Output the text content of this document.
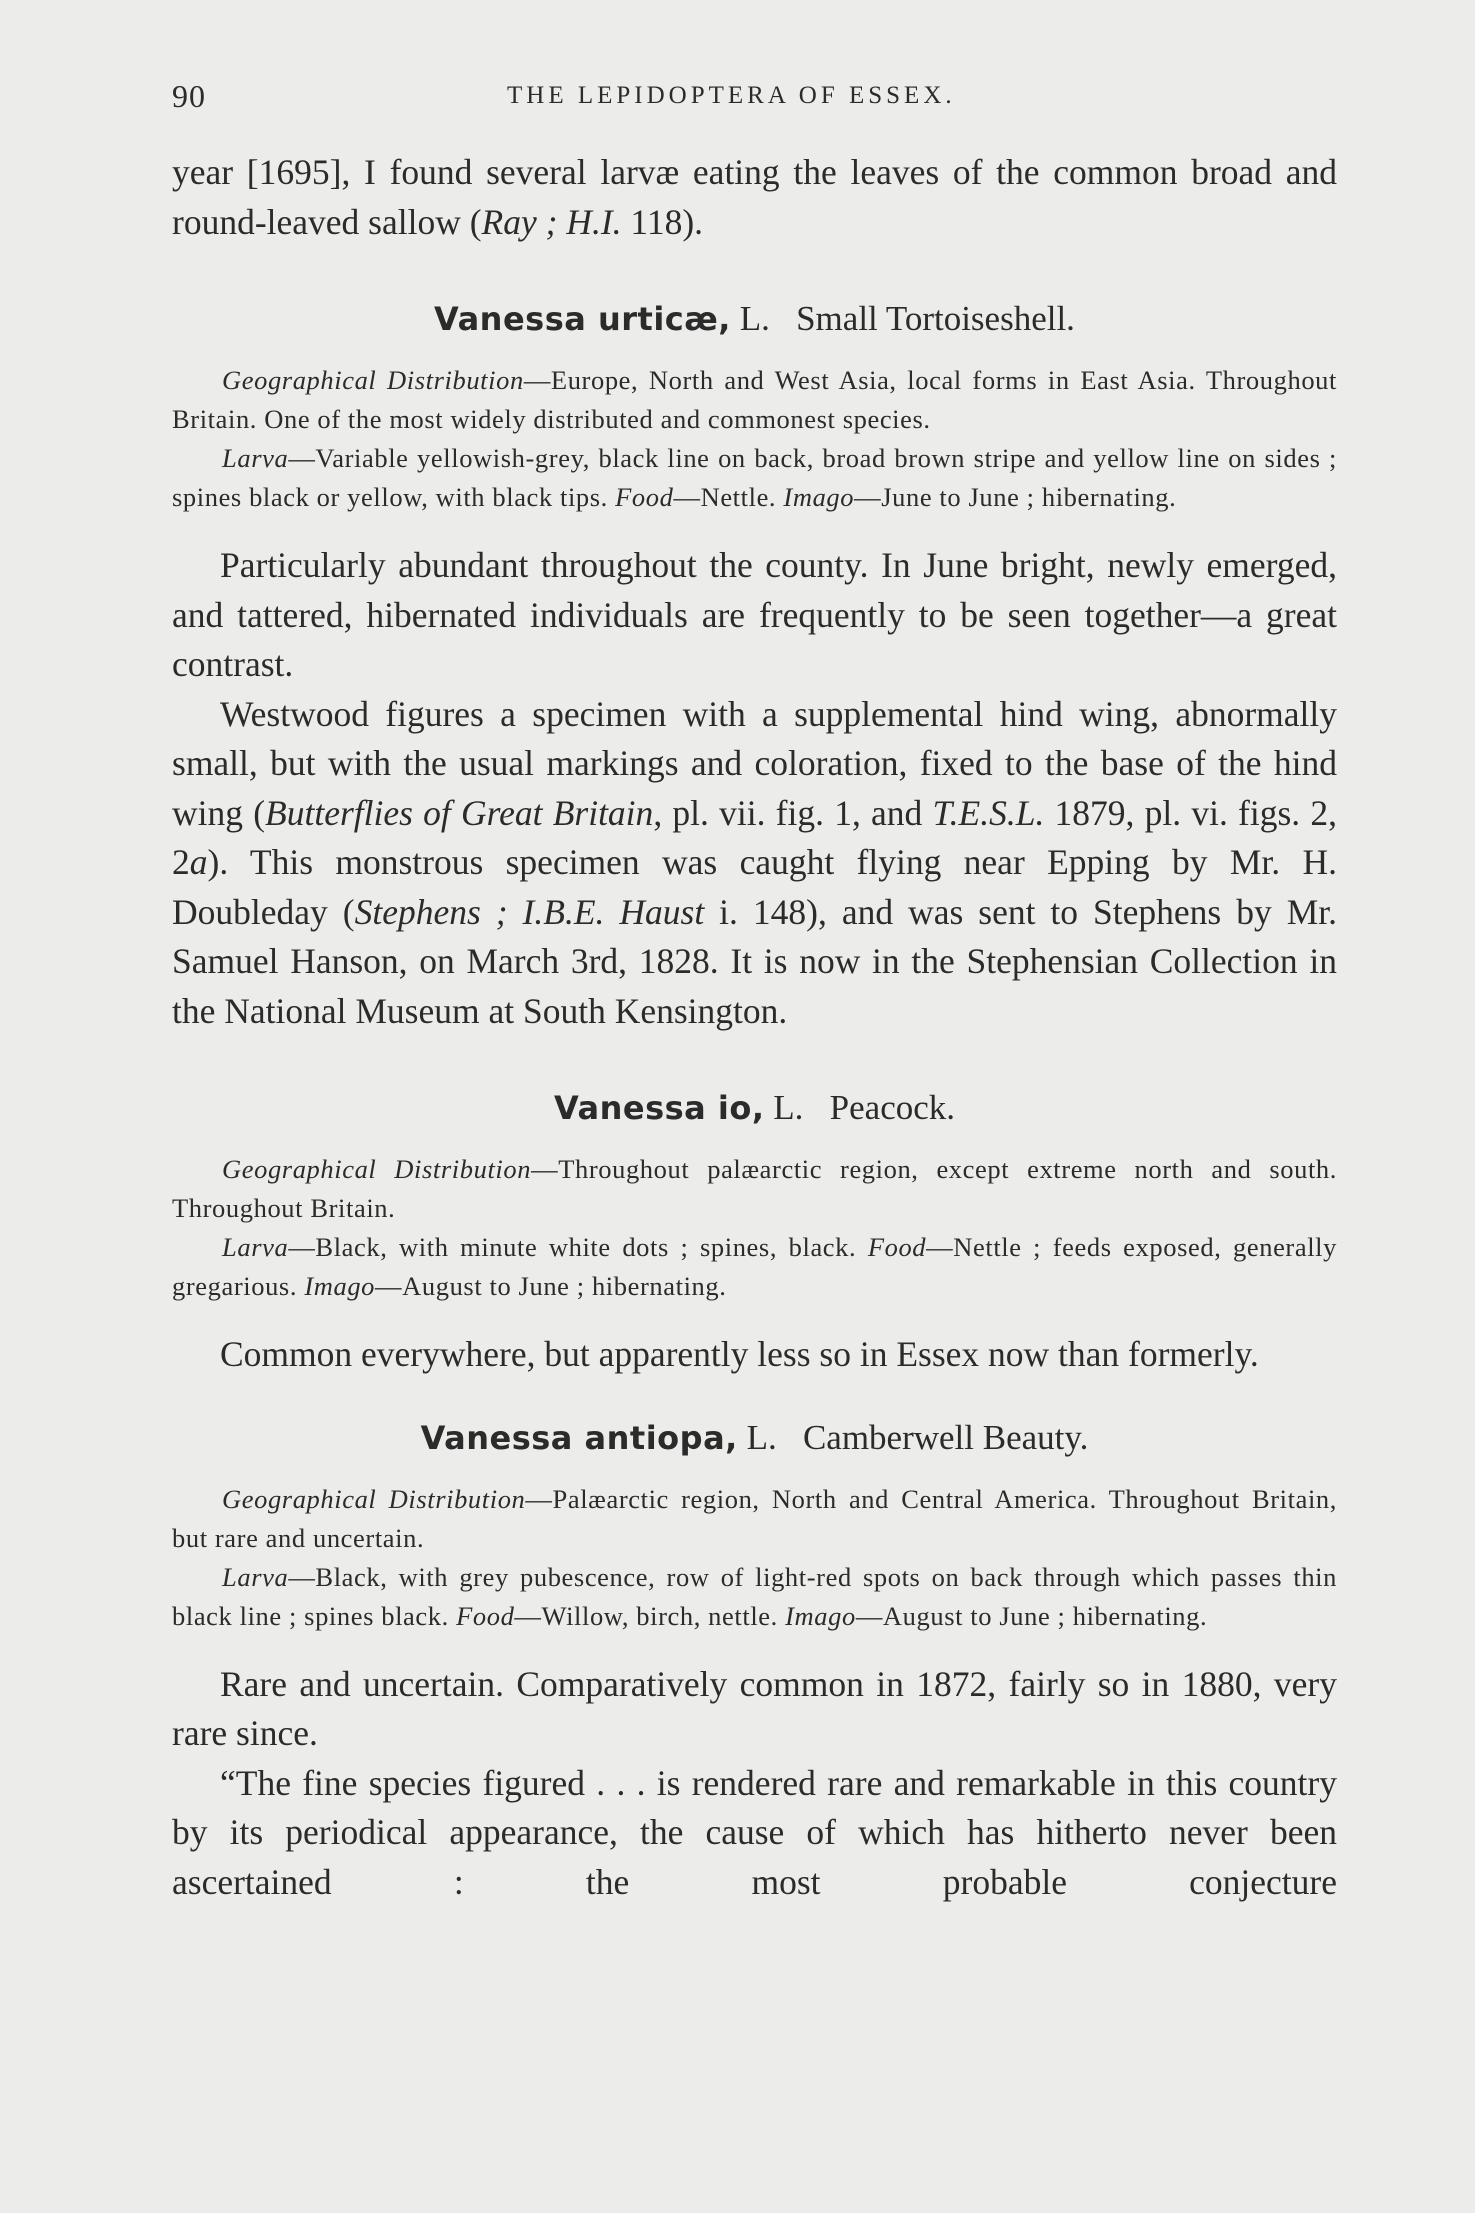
90	THE LEPIDOPTERA OF ESSEX.

year [1695], I found several larvæ eating the leaves of the common broad and round-leaved sallow (Ray ; H.I. 118).

Vanessa urticæ, L. Small Tortoiseshell.

Geographical Distribution—Europe, North and West Asia, local forms in East Asia. Throughout Britain. One of the most widely distributed and commonest species.

Larva—Variable yellowish-grey, black line on back, broad brown stripe and yellow line on sides ; spines black or yellow, with black tips. Food—Nettle. Imago—June to June ; hibernating.

Particularly abundant throughout the county. In June bright, newly emerged, and tattered, hibernated individuals are frequently to be seen together—a great contrast.

Westwood figures a specimen with a supplemental hind wing, abnormally small, but with the usual markings and coloration, fixed to the base of the hind wing (Butterflies of Great Britain, pl. vii. fig. 1, and T.E.S.L. 1879, pl. vi. figs. 2, 2a). This monstrous specimen was caught flying near Epping by Mr. H. Doubleday (Stephens ; I.B.E. Haust i. 148), and was sent to Stephens by Mr. Samuel Hanson, on March 3rd, 1828. It is now in the Stephensian Collection in the National Museum at South Kensington.

Vanessa io, L. Peacock.

Geographical Distribution—Throughout palæarctic region, except extreme north and south. Throughout Britain.

Larva—Black, with minute white dots ; spines, black. Food—Nettle ; feeds exposed, generally gregarious. Imago—August to June ; hibernating.

Common everywhere, but apparently less so in Essex now than formerly.

Vanessa antiopa, L. Camberwell Beauty.

Geographical Distribution—Palæarctic region, North and Central America. Throughout Britain, but rare and uncertain.

Larva—Black, with grey pubescence, row of light-red spots on back through which passes thin black line ; spines black. Food—Willow, birch, nettle. Imago—August to June ; hibernating.

Rare and uncertain. Comparatively common in 1872, fairly so in 1880, very rare since.

“The fine species figured . . . is rendered rare and remarkable in this country by its periodical appearance, the cause of which has hitherto never been ascertained : the most probable conjecture
